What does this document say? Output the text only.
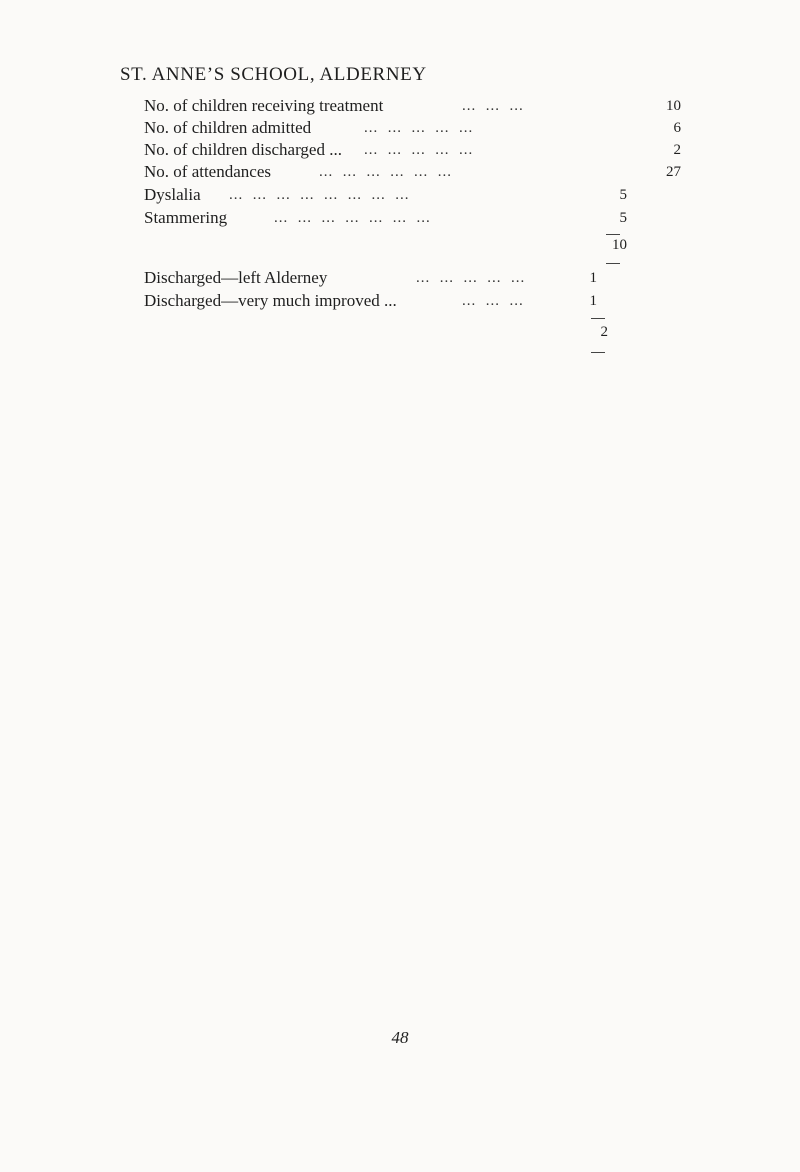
ST. ANNE’S SCHOOL, ALDERNEY
No. of children receiving treatment	...  ...  ...	10
No. of children admitted	...  ...  ...  ...  ...	6
No. of children discharged ... ...  ...  ...  ...  ...	2
No. of attendances	...  ...  ...  ...  ...  ...	27
Dyslalia ...  ...  ...  ...  ...  ...  ...  ...	5
Stammering	...  ...  ...  ...  ...  ...  ...	5
10
Discharged—left Alderney	...  ...  ...  ...  ...	1
Discharged—very much improved ...	...  ...  ...	1
2
48
